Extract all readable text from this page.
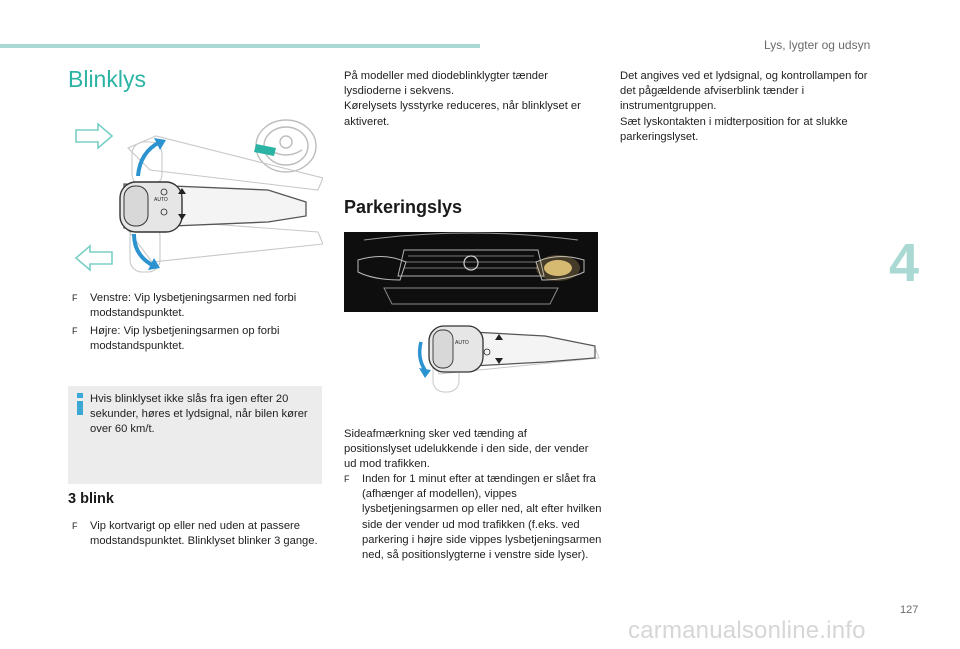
Lys, lygter og udsyn
4
127
carmanualsonline.info
Blinklys
AUTO

F Venstre: Vip lysbetjeningsarmen ned forbi modstandspunktet.

F Højre: Vip lysbetjeningsarmen op forbi modstandspunktet.

Hvis blinklyset ikke slås fra igen efter 20 sekunder, høres et lydsignal, når bilen kører over 60 km/t.
3 blink

F Vip kortvarigt op eller ned uden at passere modstandspunktet. Blinklyset blinker 3 gange.

På modeller med diodeblinklygter tænder lysdioderne i sekvens.
Kørelysets lysstyrke reduceres, når blinklyset er aktiveret.

Parkeringslys
AUTO

Sideafmærkning sker ved tænding af positionslyset udelukkende i den side, der vender ud mod trafikken.

F Inden for 1 minut efter at tændingen er slået fra (afhænger af modellen), vippes lysbetjeningsarmen op eller ned, alt efter hvilken side der vender ud mod trafikken (f.eks. ved parkering i højre side vippes lysbetjeningsarmen ned, så positionslygterne i venstre side lyser).

Det angives ved et lydsignal, og kontrollampen for det pågældende afviserblink tænder i instrumentgruppen.
Sæt lyskontakten i midterposition for at slukke parkeringslyset.
